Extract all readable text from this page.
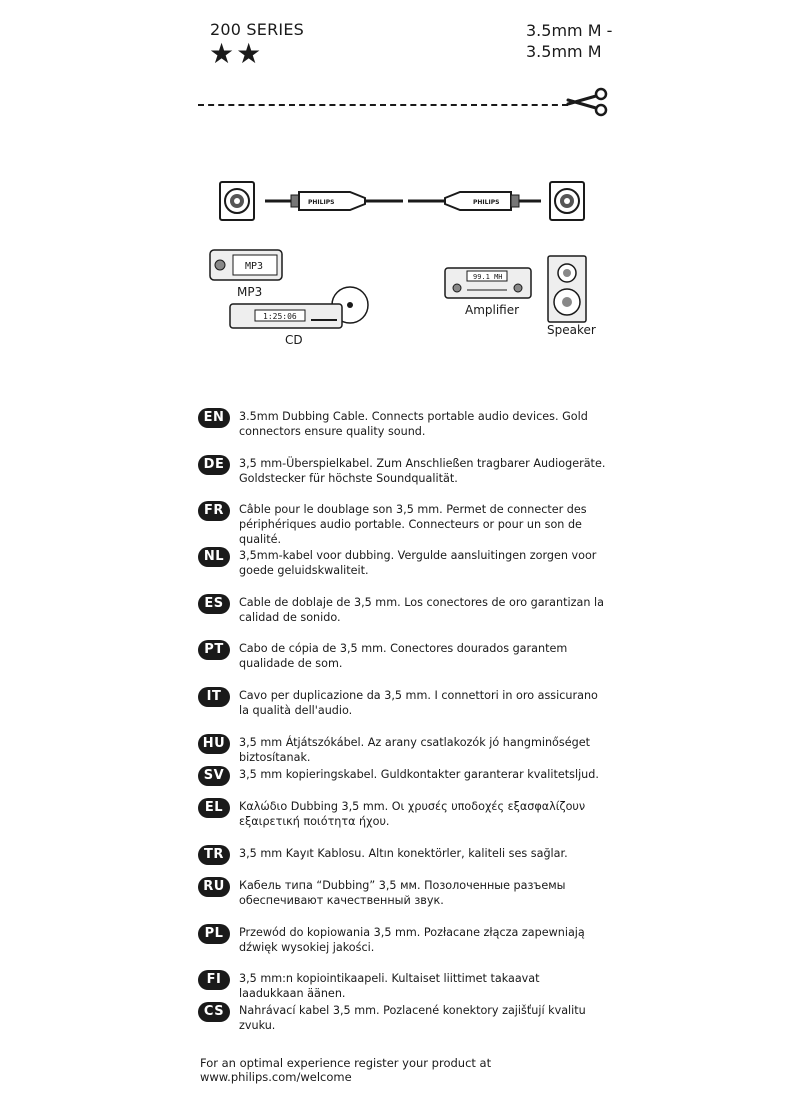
200 SERIES
★★
3.5mm M -
3.5mm M
PHILIPS	PHILIPS
MP3
MP3
1:25:06
CD
99.1 MH
Amplifier
Speaker
EN	3.5mm Dubbing Cable. Connects portable audio devices. Gold connectors ensure quality sound.
DE	3,5 mm-Überspielkabel. Zum Anschließen tragbarer Audiogeräte. Goldstecker für höchste Soundqualität.
FR	Câble pour le doublage son 3,5 mm. Permet de connecter des périphériques audio portable. Connecteurs or pour un son de qualité.
NL	3,5mm-kabel voor dubbing. Vergulde aansluitingen zorgen voor goede geluidskwaliteit.
ES	Cable de doblaje de 3,5 mm. Los conectores de oro garantizan la calidad de sonido.
PT	Cabo de cópia de 3,5 mm. Conectores dourados garantem qualidade de som.
IT	Cavo per duplicazione da 3,5 mm. I connettori in oro assicurano la qualità dell'audio.
HU	3,5 mm Átjátszókábel. Az arany csatlakozók jó hangminőséget biztosítanak.
SV	3,5 mm kopieringskabel. Guldkontakter garanterar kvalitetsljud.
EL	Καλώδιο Dubbing 3,5 mm. Οι χρυσές υποδοχές εξασφαλίζουν εξαιρετική ποιότητα ήχου.
TR	3,5 mm Kayıt Kablosu. Altın konektörler, kaliteli ses sağlar.
RU	Кабель типа “Dubbing” 3,5 мм. Позолоченные разъемы обеспечивают качественный звук.
PL	Przewód do kopiowania 3,5 mm. Pozłacane złącza zapewniają dźwięk wysokiej jakości.
FI	3,5 mm:n kopiointikaapeli. Kultaiset liittimet takaavat laadukkaan äänen.
CS	Nahrávací kabel 3,5 mm. Pozlacené konektory zajišťují kvalitu zvuku.
For an optimal experience register your product at www.philips.com/welcome
